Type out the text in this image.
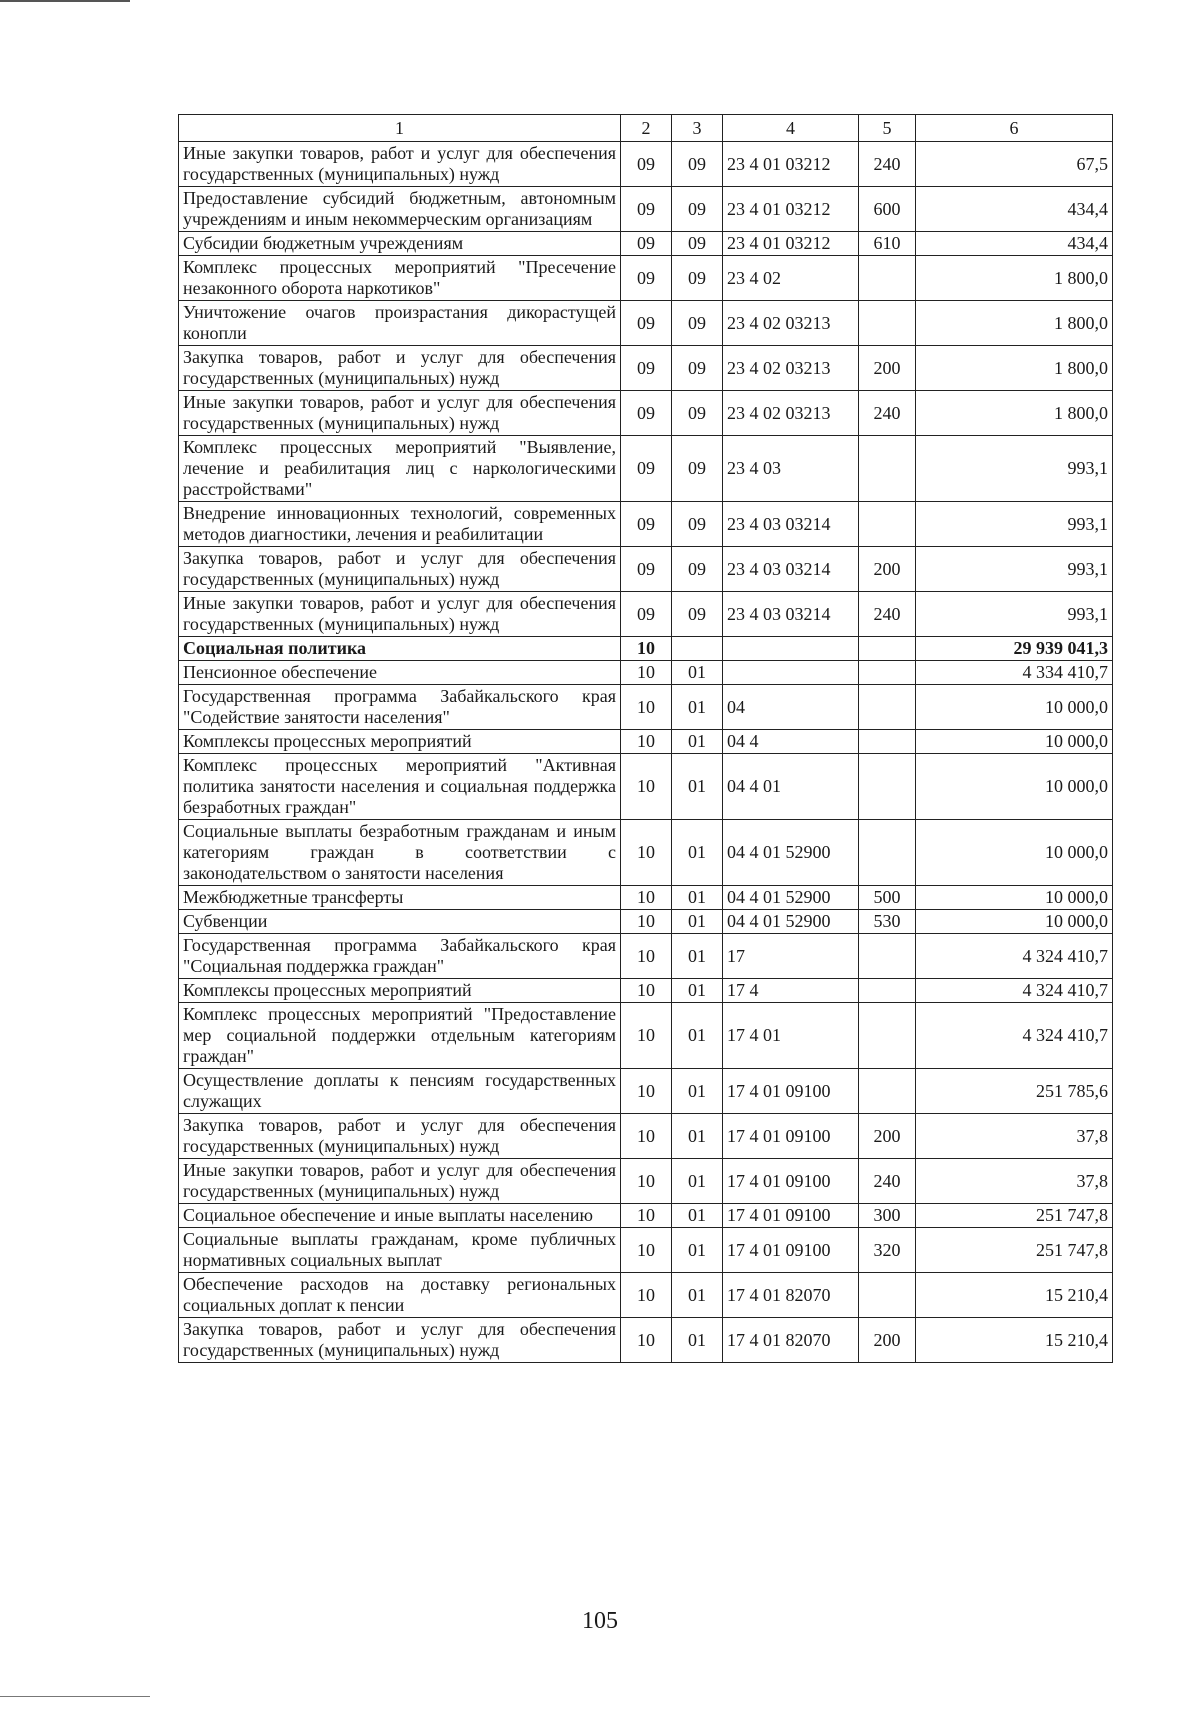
1	2	3	4	5	6
Иные закупки товаров, работ и услуг для обеспечения государственных (муниципальных) нужд	09	09	23 4 01 03212	240	67,5
Предоставление субсидий бюджетным, автономным учреждениям и иным некоммерческим организациям	09	09	23 4 01 03212	600	434,4
Субсидии бюджетным учреждениям	09	09	23 4 01 03212	610	434,4
Комплекс процессных мероприятий "Пресечение незаконного оборота наркотиков"	09	09	23 4 02		1 800,0
Уничтожение очагов произрастания дикорастущей конопли	09	09	23 4 02 03213		1 800,0
Закупка товаров, работ и услуг для обеспечения государственных (муниципальных) нужд	09	09	23 4 02 03213	200	1 800,0
Иные закупки товаров, работ и услуг для обеспечения государственных (муниципальных) нужд	09	09	23 4 02 03213	240	1 800,0
Комплекс процессных мероприятий "Выявление, лечение и реабилитация лиц с наркологическими расстройствами"	09	09	23 4 03		993,1
Внедрение инновационных технологий, современных методов диагностики, лечения и реабилитации	09	09	23 4 03 03214		993,1
Закупка товаров, работ и услуг для обеспечения государственных (муниципальных) нужд	09	09	23 4 03 03214	200	993,1
Иные закупки товаров, работ и услуг для обеспечения государственных (муниципальных) нужд	09	09	23 4 03 03214	240	993,1
Социальная политика	10				29 939 041,3
Пенсионное обеспечение	10	01			4 334 410,7
Государственная программа Забайкальского края "Содействие занятости населения"	10	01	04		10 000,0
Комплексы процессных мероприятий	10	01	04 4		10 000,0
Комплекс процессных мероприятий "Активная политика занятости населения и социальная поддержка безработных граждан"	10	01	04 4 01		10 000,0
Социальные выплаты безработным гражданам и иным категориям граждан в соответствии с законодательством о занятости населения	10	01	04 4 01 52900		10 000,0
Межбюджетные трансферты	10	01	04 4 01 52900	500	10 000,0
Субвенции	10	01	04 4 01 52900	530	10 000,0
Государственная программа Забайкальского края "Социальная поддержка граждан"	10	01	17		4 324 410,7
Комплексы процессных мероприятий	10	01	17 4		4 324 410,7
Комплекс процессных мероприятий "Предоставление мер социальной поддержки отдельным категориям граждан"	10	01	17 4 01		4 324 410,7
Осуществление доплаты к пенсиям государственных служащих	10	01	17 4 01 09100		251 785,6
Закупка товаров, работ и услуг для обеспечения государственных (муниципальных) нужд	10	01	17 4 01 09100	200	37,8
Иные закупки товаров, работ и услуг для обеспечения государственных (муниципальных) нужд	10	01	17 4 01 09100	240	37,8
Социальное обеспечение и иные выплаты населению	10	01	17 4 01 09100	300	251 747,8
Социальные выплаты гражданам, кроме публичных нормативных социальных выплат	10	01	17 4 01 09100	320	251 747,8
Обеспечение расходов на доставку региональных социальных доплат к пенсии	10	01	17 4 01 82070		15 210,4
Закупка товаров, работ и услуг для обеспечения государственных (муниципальных) нужд	10	01	17 4 01 82070	200	15 210,4
105
